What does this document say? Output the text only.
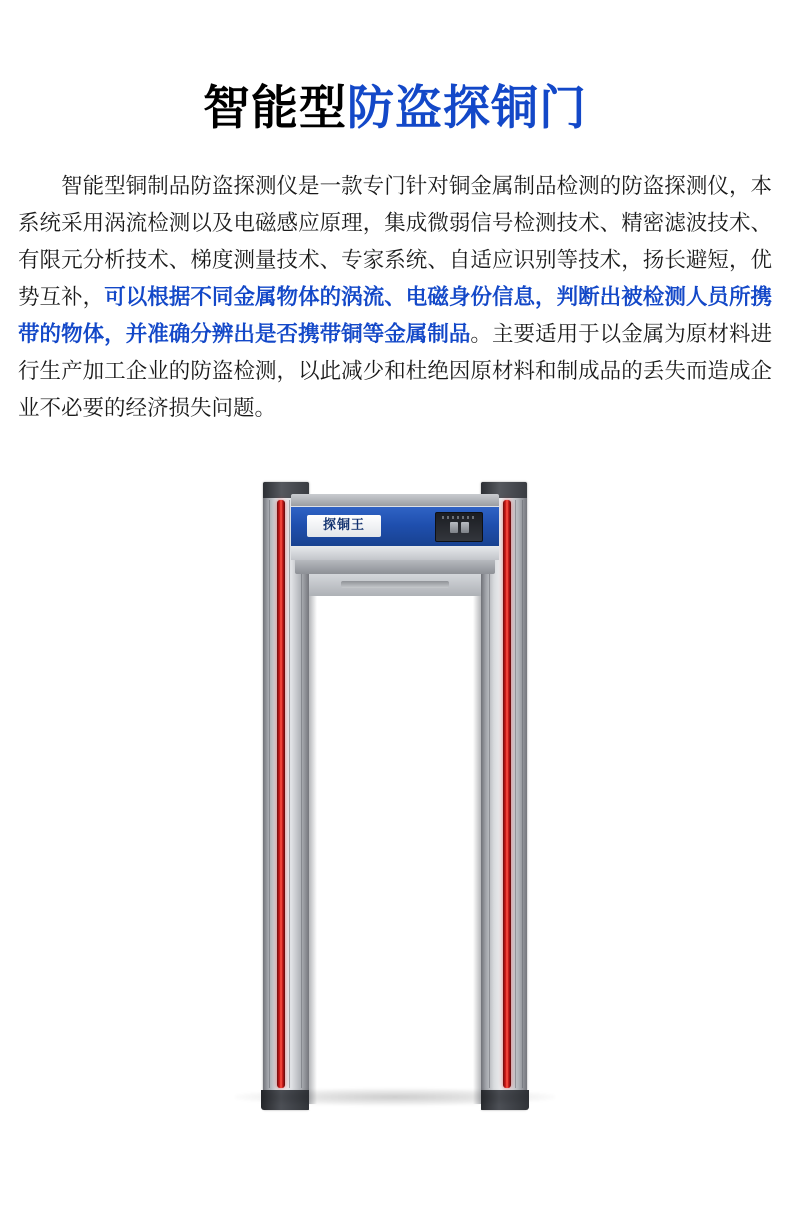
智能型防盗探铜门

智能型铜制品防盗探测仪是一款专门针对铜金属制品检测的防盗探测仪，本系统采用涡流检测以及电磁感应原理，集成微弱信号检测技术、精密滤波技术、有限元分析技术、梯度测量技术、专家系统、自适应识别等技术，扬长避短，优势互补，可以根据不同金属物体的涡流、电磁身份信息，判断出被检测人员所携带的物体，并准确分辨出是否携带铜等金属制品。主要适用于以金属为原材料进行生产加工企业的防盗检测，以此减少和杜绝因原材料和制成品的丢失而造成企业不必要的经济损失问题。

探铜王
